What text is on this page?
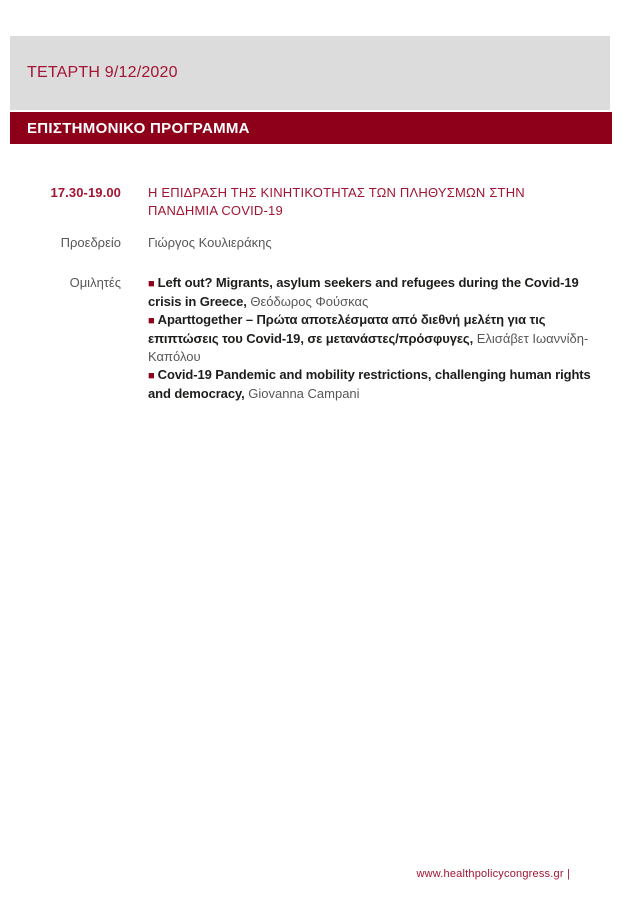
ΤΕΤΑΡΤΗ 9/12/2020
ΕΠΙΣΤΗΜΟΝΙΚΟ ΠΡΟΓΡΑΜΜΑ
17.30-19.00 Η ΕΠΙΔΡΑΣΗ ΤΗΣ ΚΙΝΗΤΙΚΟΤΗΤΑΣ ΤΩΝ ΠΛΗΘΥΣΜΩΝ ΣΤΗΝ ΠΑΝΔΗΜΙΑ COVID-19
Προεδρείο Γιώργος Κουλιεράκης
Ομιλητές ■ Left out? Migrants, asylum seekers and refugees during the Covid-19 crisis in Greece, Θεόδωρος Φούσκας
■ Aparttogether – Πρώτα αποτελέσματα από διεθνή μελέτη για τις επιπτώσεις του Covid-19, σε μετανάστες/πρόσφυγες, Ελισάβετ Ιωαννίδη-Καπόλου
■ Covid-19 Pandemic and mobility restrictions, challenging human rights and democracy, Giovanna Campani
www.healthpolicycongress.gr |
